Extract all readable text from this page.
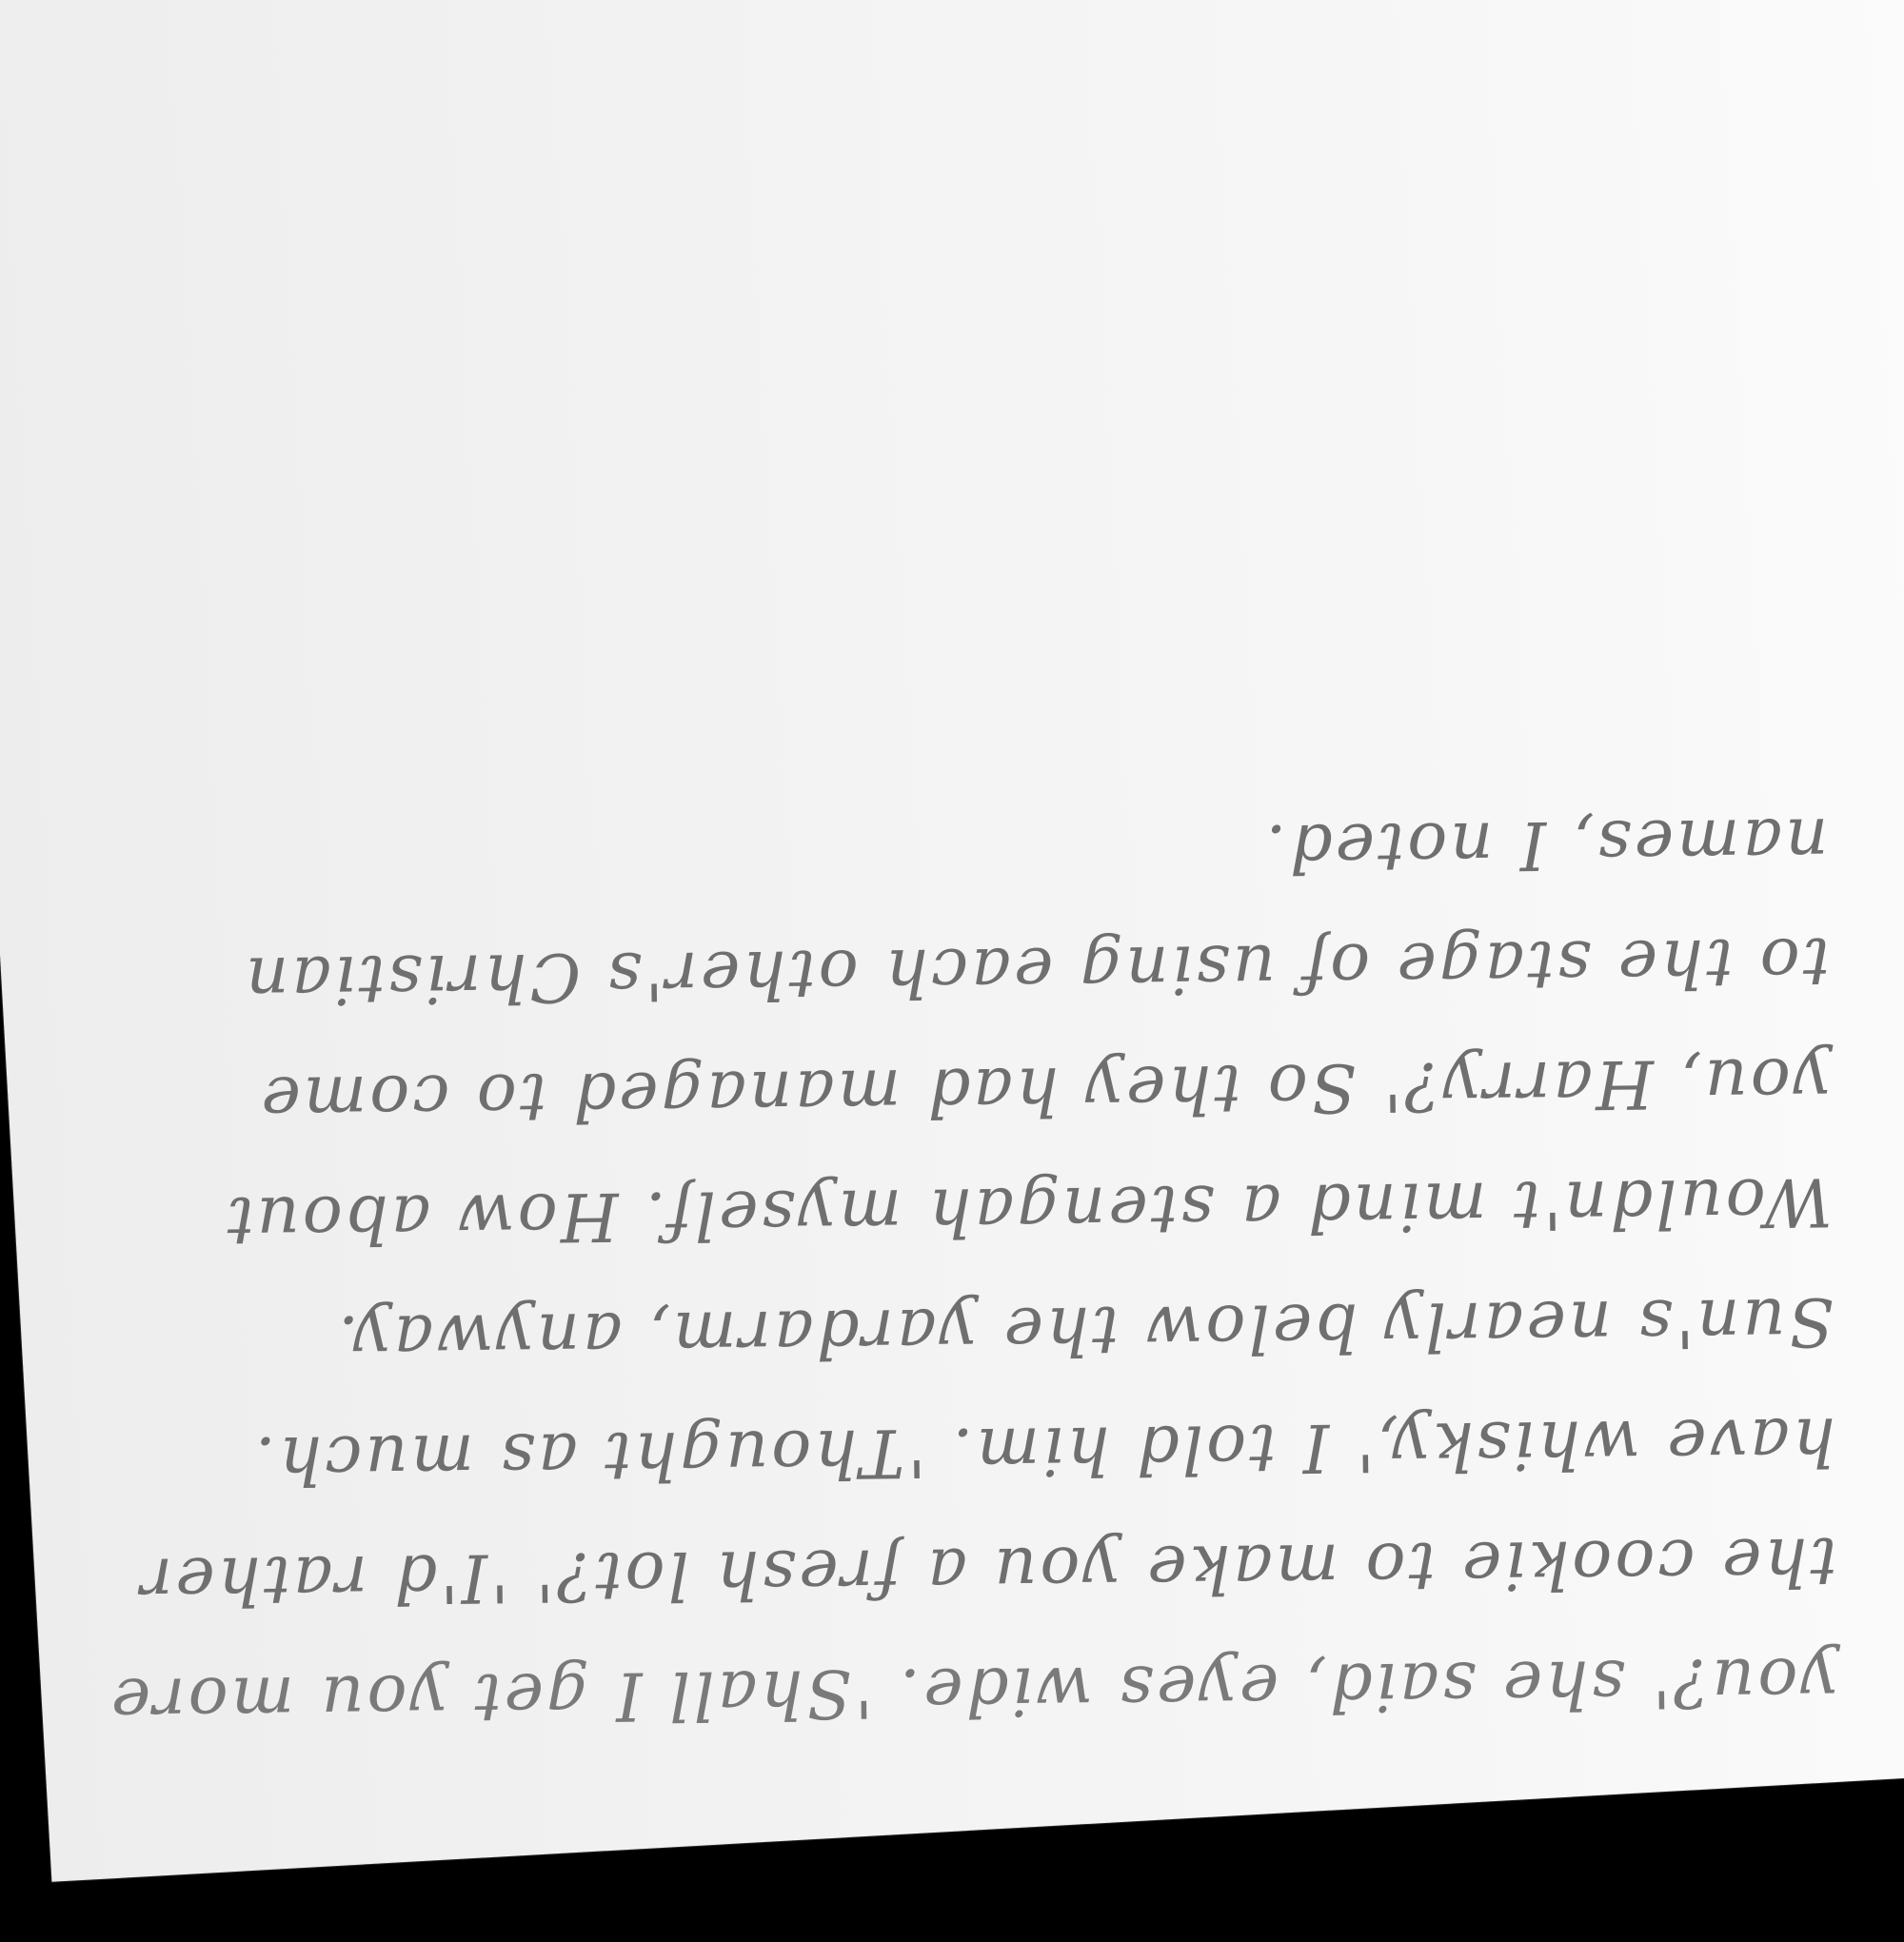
you?' she said, eyes wide. 'Shall I get you more
the cookie to make you a fresh lot?' 'I'd rather
have whisky,' I told him. 'Thought as much.
Sun's nearly below the yardarm, anyway.
Wouldn't mind a stengah myself. How about
you, Harry?' So they had managed to come
to the stage of using each other's Christian
names, I noted.
